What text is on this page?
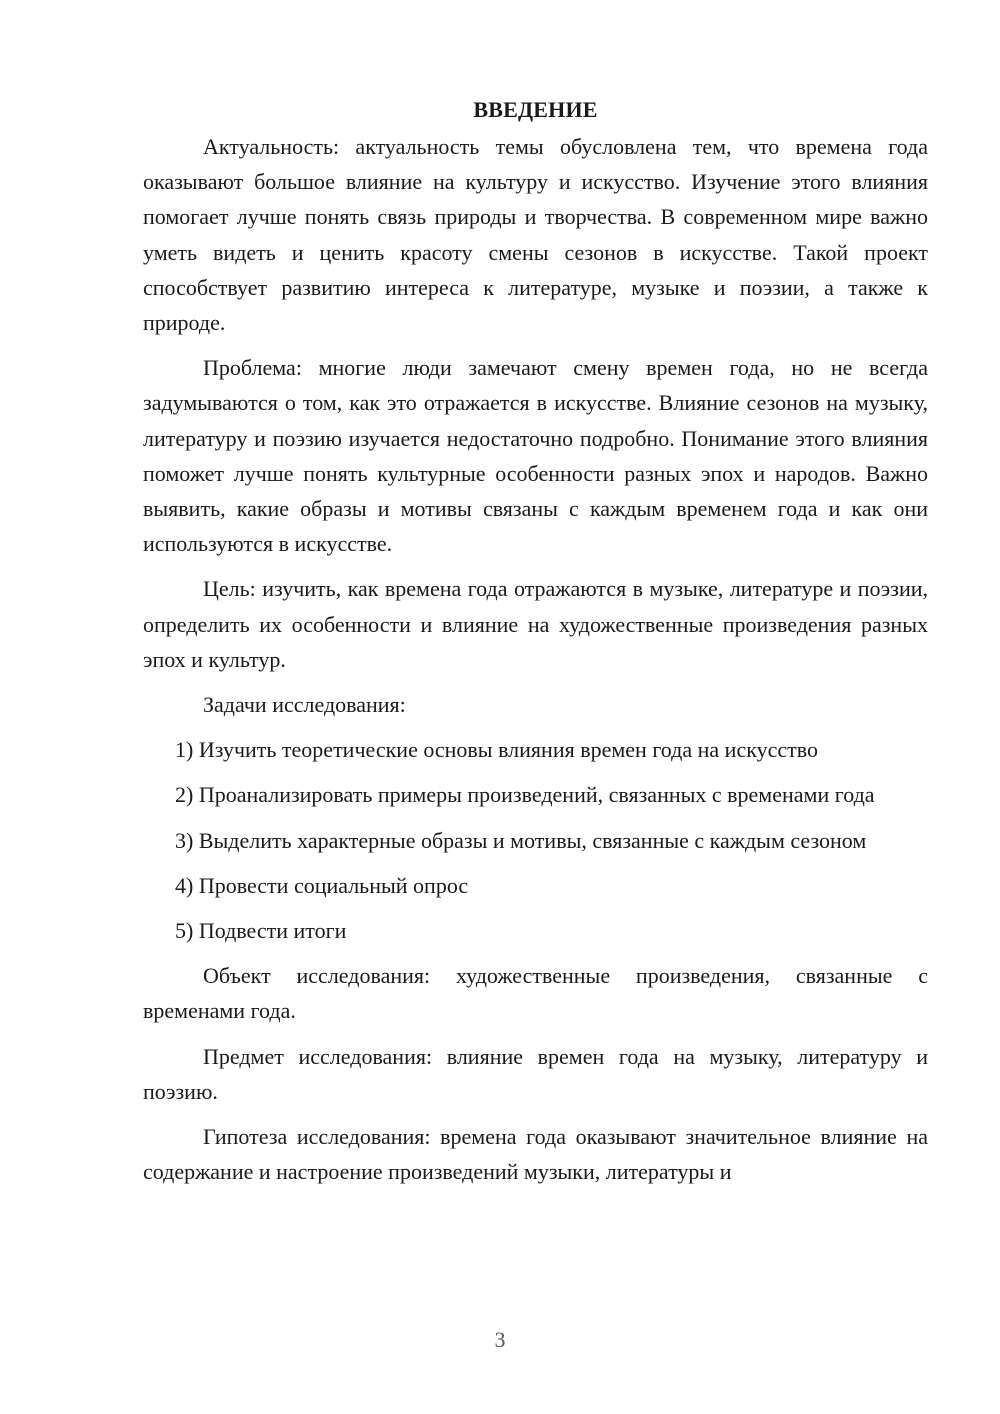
ВВЕДЕНИЕ

Актуальность: актуальность темы обусловлена тем, что времена года оказывают большое влияние на культуру и искусство. Изучение этого влияния помогает лучше понять связь природы и творчества. В современном мире важно уметь видеть и ценить красоту смены сезонов в искусстве. Такой проект способствует развитию интереса к литературе, музыке и поэзии, а также к природе.

Проблема: многие люди замечают смену времен года, но не всегда задумываются о том, как это отражается в искусстве. Влияние сезонов на музыку, литературу и поэзию изучается недостаточно подробно. Понимание этого влияния поможет лучше понять культурные особенности разных эпох и народов. Важно выявить, какие образы и мотивы связаны с каждым временем года и как они используются в искусстве.

Цель: изучить, как времена года отражаются в музыке, литературе и поэзии, определить их особенности и влияние на художественные произведения разных эпох и культур.

Задачи исследования:

1) Изучить теоретические основы влияния времен года на искусство

2) Проанализировать примеры произведений, связанных с временами года

3) Выделить характерные образы и мотивы, связанные с каждым сезоном

4) Провести социальный опрос

5) Подвести итоги

Объект исследования: художественные произведения, связанные с временами года.

Предмет исследования: влияние времен года на музыку, литературу и поэзию.

Гипотеза исследования: времена года оказывают значительное влияние на содержание и настроение произведений музыки, литературы и

3
